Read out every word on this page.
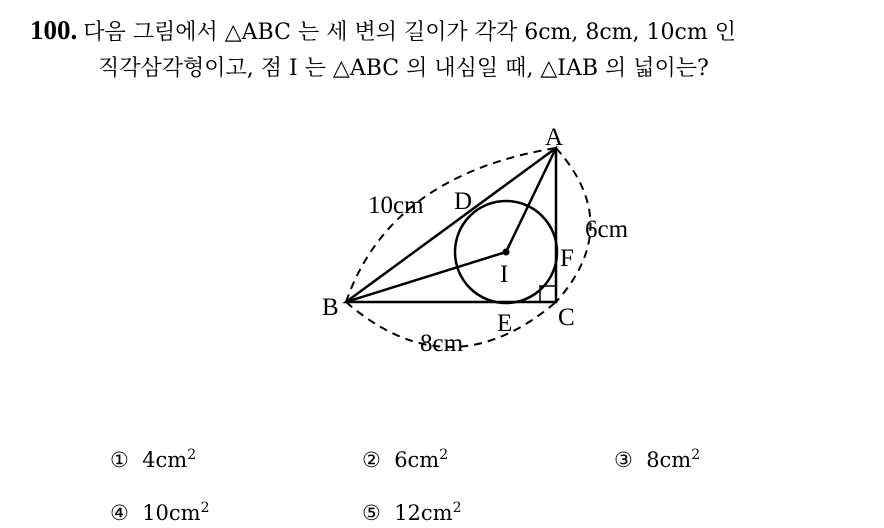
100. 다음 그림에서 △ABC 는 세 변의 길이가 각각 6cm, 8cm, 10cm 인
직각삼각형이고, 점 I 는 △ABC 의 내심일 때, △IAB 의 넓이는?
A
B	C
D
E
F
I
10cm
6cm
8cm
① $4cm^2$	② $6cm^2$	③ $8cm^2$
④ $10cm^2$	⑤ $12cm^2$
